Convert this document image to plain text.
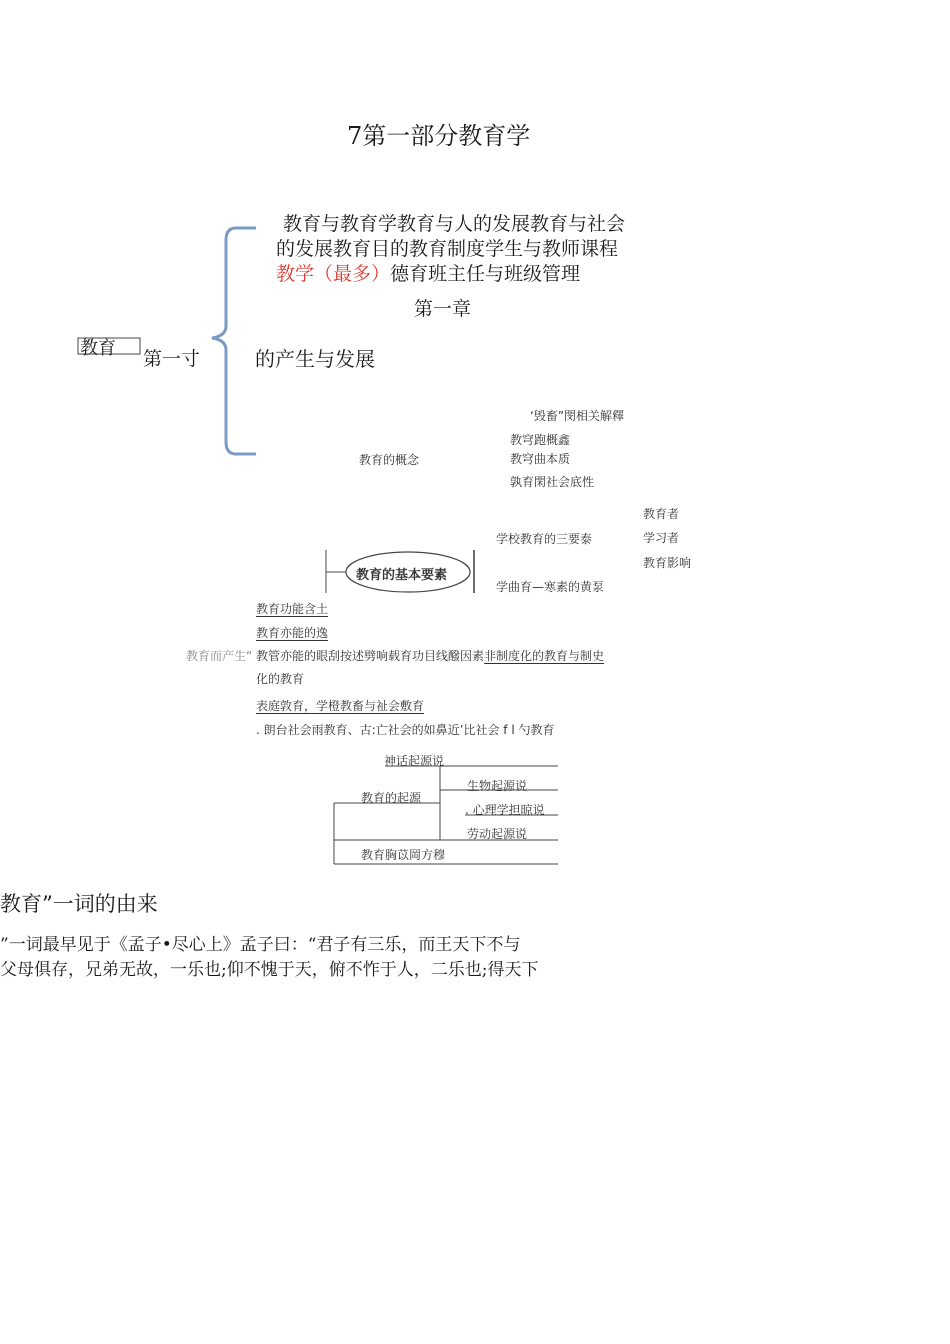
7第一部分教育学
教育与教育学教育与人的发展教育与社会
的发展教育目的教育制度学生与教师课程
教学（最多）德育班主任与班级管理
第一章
教育 第一寸	的产生与发展
‘毁畜”閔相关解釋
教穹跑概鑫
教育的概念	教穹曲本质
孰育閑社会底性
教育者
学校教育的三要泰	学习者
教育影响
教育的基本要素
学曲育—寒素的黄泵
教育功能含土
教育亦能的逸
教育而产生“ 教管亦能的眼刮按述劈响载育功目线醱因素非制度化的教育与制史
化的教育
表庭敦育，学橙教畜与祉会敷育
. 朗台社会雨教育、古:亡社会的如鼻近’比社会 f l 勺教育
神话起源说
生物起源说
教育的起源
. 心理学担晾说
劳动起源说
教育胸苡岡方穆
教育”一词的由来
”一词最早见于《孟子•尽心上》孟子曰：“君子有三乐，而王天下不与
父母俱存，兄弟无故，一乐也;仰不愧于天，俯不怍于人，二乐也;得天下
